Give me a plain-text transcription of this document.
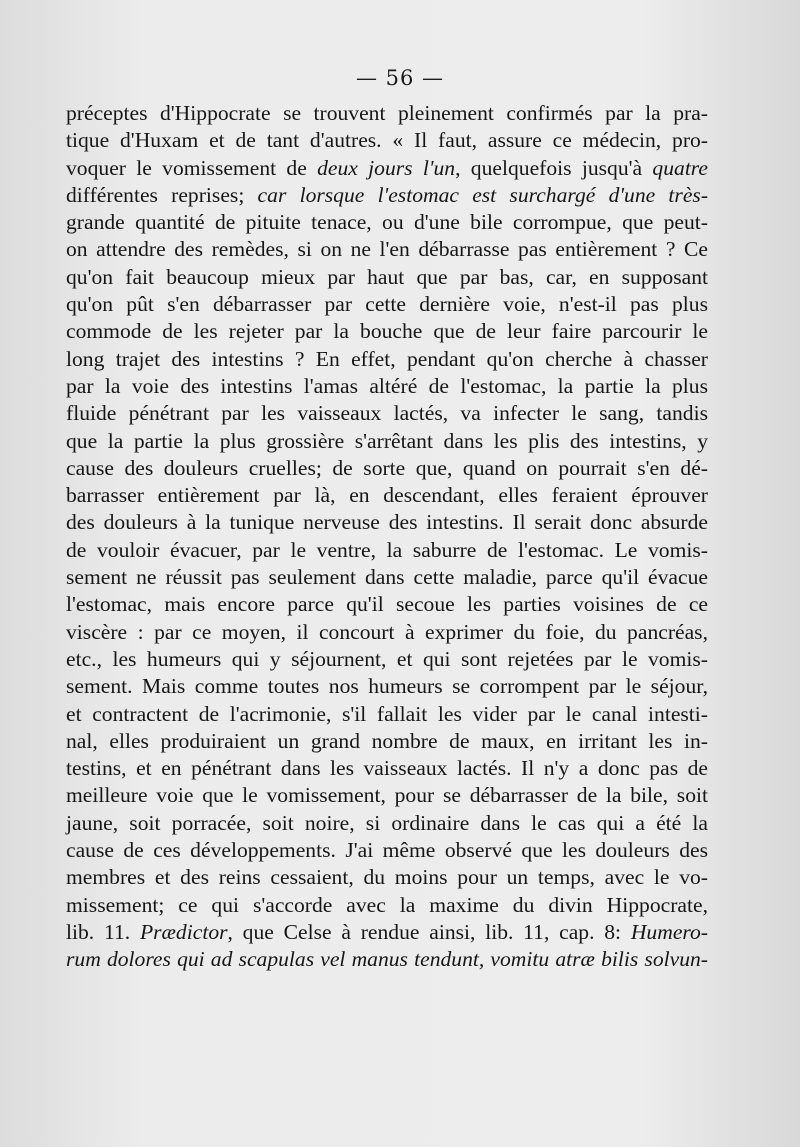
— 56 —
préceptes d'Hippocrate se trouvent pleinement confirmés par la pra-
tique d'Huxam et de tant d'autres. « Il faut, assure ce médecin, pro-
voquer le vomissement de deux jours l'un, quelquefois jusqu'à quatre
différentes reprises; car lorsque l'estomac est surchargé d'une très-
grande quantité de pituite tenace, ou d'une bile corrompue, que peut-
on attendre des remèdes, si on ne l'en débarrasse pas entièrement ? Ce
qu'on fait beaucoup mieux par haut que par bas, car, en supposant
qu'on pût s'en débarrasser par cette dernière voie, n'est-il pas plus
commode de les rejeter par la bouche que de leur faire parcourir le
long trajet des intestins ? En effet, pendant qu'on cherche à chasser
par la voie des intestins l'amas altéré de l'estomac, la partie la plus
fluide pénétrant par les vaisseaux lactés, va infecter le sang, tandis
que la partie la plus grossière s'arrêtant dans les plis des intestins, y
cause des douleurs cruelles; de sorte que, quand on pourrait s'en dé-
barrasser entièrement par là, en descendant, elles feraient éprouver
des douleurs à la tunique nerveuse des intestins. Il serait donc absurde
de vouloir évacuer, par le ventre, la saburre de l'estomac. Le vomis-
sement ne réussit pas seulement dans cette maladie, parce qu'il évacue
l'estomac, mais encore parce qu'il secoue les parties voisines de ce
viscère : par ce moyen, il concourt à exprimer du foie, du pancréas,
etc., les humeurs qui y séjournent, et qui sont rejetées par le vomis-
sement. Mais comme toutes nos humeurs se corrompent par le séjour,
et contractent de l'acrimonie, s'il fallait les vider par le canal intesti-
nal, elles produiraient un grand nombre de maux, en irritant les in-
testins, et en pénétrant dans les vaisseaux lactés. Il n'y a donc pas de
meilleure voie que le vomissement, pour se débarrasser de la bile, soit
jaune, soit porracée, soit noire, si ordinaire dans le cas qui a été la
cause de ces développements. J'ai même observé que les douleurs des
membres et des reins cessaient, du moins pour un temps, avec le vo-
missement; ce qui s'accorde avec la maxime du divin Hippocrate,
lib. 11. Prædictor, que Celse à rendue ainsi, lib. 11, cap. 8: Humero-
rum dolores qui ad scapulas vel manus tendunt, vomitu atræ bilis solvun-
